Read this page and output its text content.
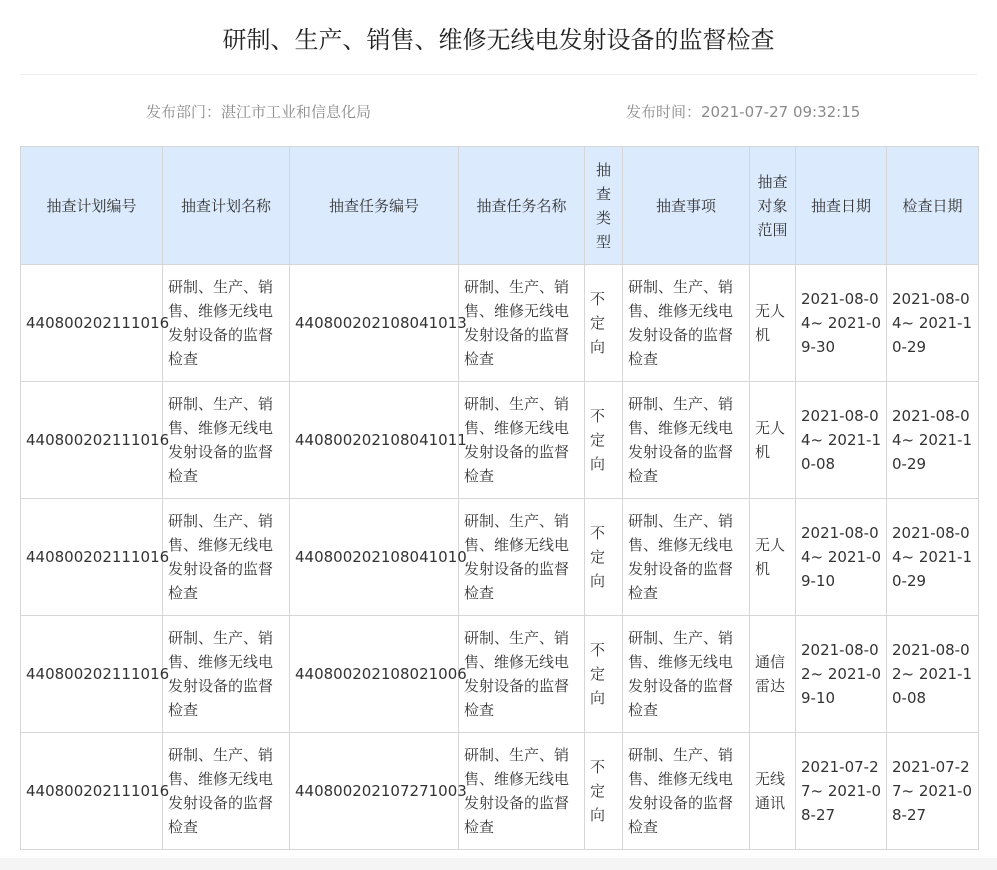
研制、生产、销售、维修无线电发射设备的监督检查
发布部门：湛江市工业和信息化局	发布时间：2021-07-27 09:32:15
抽查计划编号	抽查计划名称	抽查任务编号	抽查任务名称	抽查类型	抽查事项	抽查对象范围	抽查日期	检查日期
440800202111016	研制、生产、销售、维修无线电发射设备的监督检查	440800202108041013	研制、生产、销售、维修无线电发射设备的监督检查	不定向	研制、生产、销售、维修无线电发射设备的监督检查	无人机	2021-08-04~ 2021-09-30	2021-08-04~ 2021-10-29
440800202111016	研制、生产、销售、维修无线电发射设备的监督检查	440800202108041011	研制、生产、销售、维修无线电发射设备的监督检查	不定向	研制、生产、销售、维修无线电发射设备的监督检查	无人机	2021-08-04~ 2021-10-08	2021-08-04~ 2021-10-29
440800202111016	研制、生产、销售、维修无线电发射设备的监督检查	440800202108041010	研制、生产、销售、维修无线电发射设备的监督检查	不定向	研制、生产、销售、维修无线电发射设备的监督检查	无人机	2021-08-04~ 2021-09-10	2021-08-04~ 2021-10-29
440800202111016	研制、生产、销售、维修无线电发射设备的监督检查	440800202108021006	研制、生产、销售、维修无线电发射设备的监督检查	不定向	研制、生产、销售、维修无线电发射设备的监督检查	通信雷达	2021-08-02~ 2021-09-10	2021-08-02~ 2021-10-08
440800202111016	研制、生产、销售、维修无线电发射设备的监督检查	440800202107271003	研制、生产、销售、维修无线电发射设备的监督检查	不定向	研制、生产、销售、维修无线电发射设备的监督检查	无线通讯	2021-07-27~ 2021-08-27	2021-07-27~ 2021-08-27
